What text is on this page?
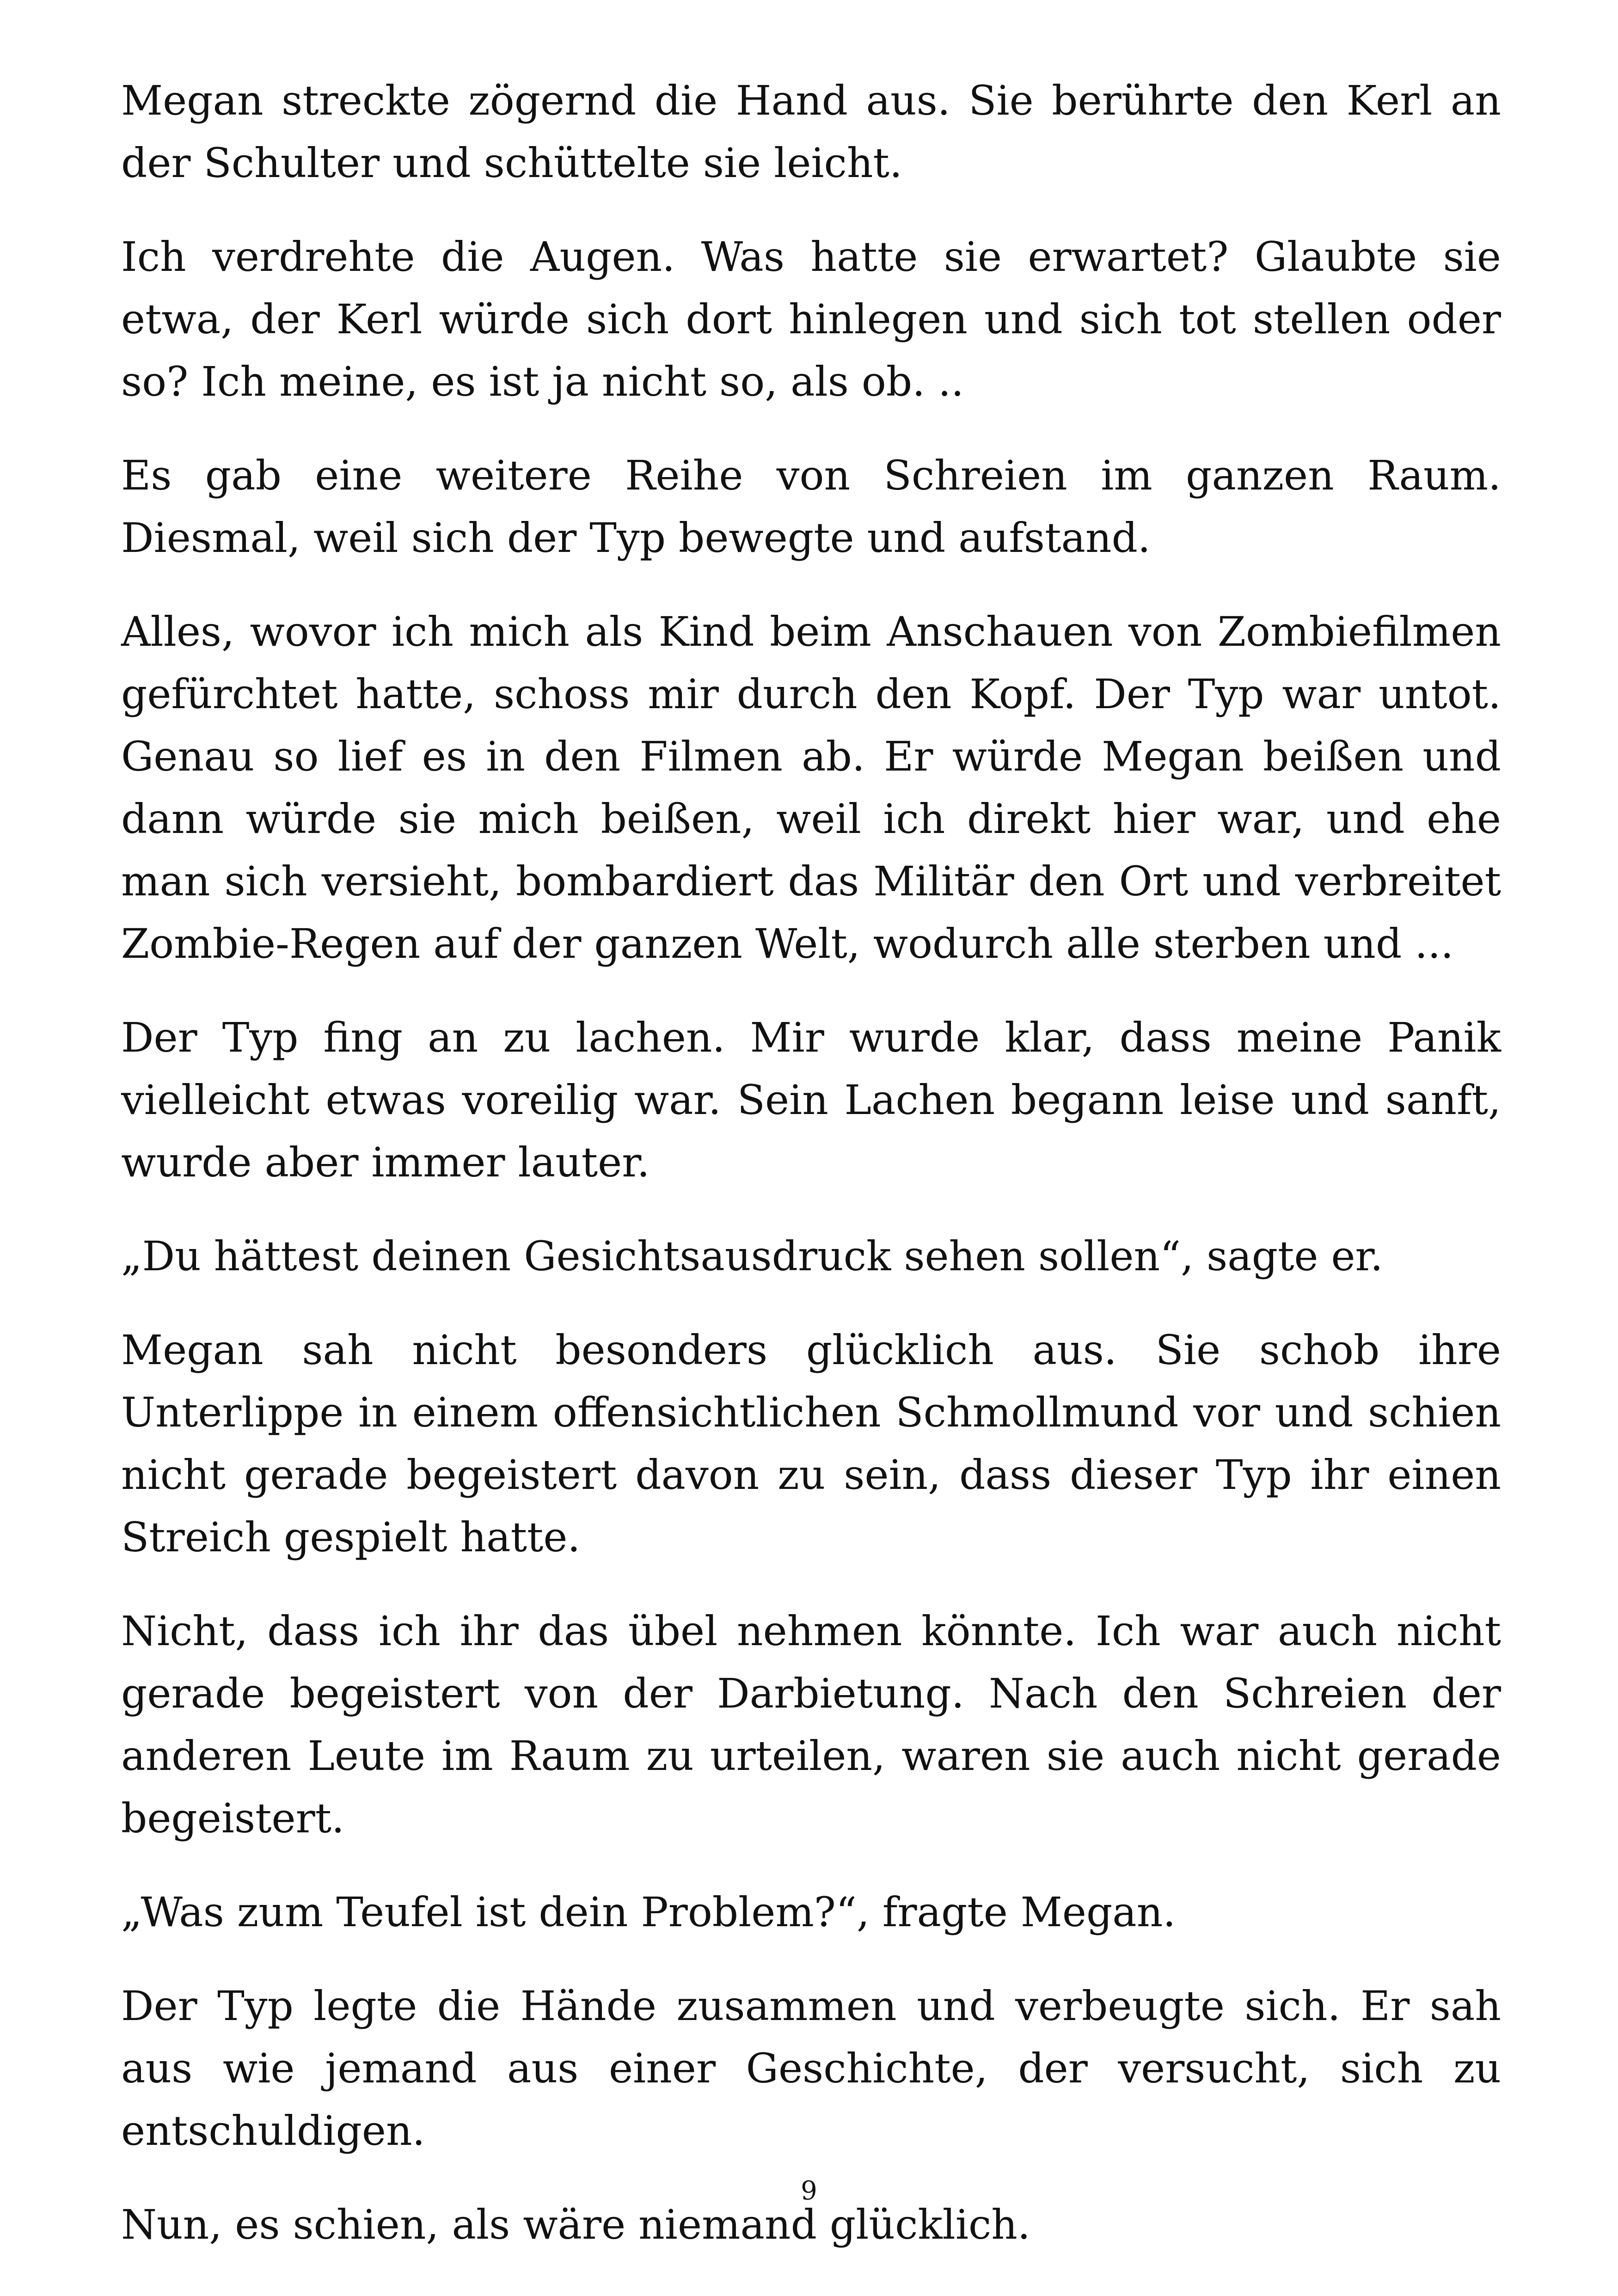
Megan streckte zögernd die Hand aus. Sie berührte den Kerl an der Schulter und schüttelte sie leicht.

Ich verdrehte die Augen. Was hatte sie erwartet? Glaubte sie etwa, der Kerl würde sich dort hinlegen und sich tot stellen oder so? Ich meine, es ist ja nicht so, als ob. ..

Es gab eine weitere Reihe von Schreien im ganzen Raum. Diesmal, weil sich der Typ bewegte und aufstand.

Alles, wovor ich mich als Kind beim Anschauen von Zombiefilmen gefürchtet hatte, schoss mir durch den Kopf. Der Typ war untot. Genau so lief es in den Filmen ab. Er würde Megan beißen und dann würde sie mich beißen, weil ich direkt hier war, und ehe man sich versieht, bombardiert das Militär den Ort und verbreitet Zombie-Regen auf der ganzen Welt, wodurch alle sterben und ...

Der Typ fing an zu lachen. Mir wurde klar, dass meine Panik vielleicht etwas voreilig war. Sein Lachen begann leise und sanft, wurde aber immer lauter.

„Du hättest deinen Gesichtsausdruck sehen sollen“, sagte er.

Megan sah nicht besonders glücklich aus. Sie schob ihre Unterlippe in einem offensichtlichen Schmollmund vor und schien nicht gerade begeistert davon zu sein, dass dieser Typ ihr einen Streich gespielt hatte.

Nicht, dass ich ihr das übel nehmen könnte. Ich war auch nicht gerade begeistert von der Darbietung. Nach den Schreien der anderen Leute im Raum zu urteilen, waren sie auch nicht gerade begeistert.

„Was zum Teufel ist dein Problem?“, fragte Megan.

Der Typ legte die Hände zusammen und verbeugte sich. Er sah aus wie jemand aus einer Geschichte, der versucht, sich zu entschuldigen.

Nun, es schien, als wäre niemand glücklich.

9
